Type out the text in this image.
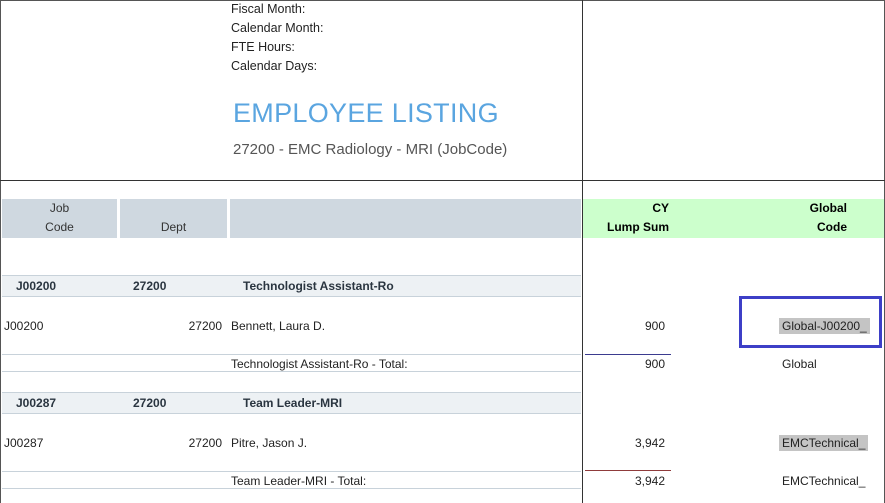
Fiscal Month:
Calendar Month:
FTE Hours:
Calendar Days:
EMPLOYEE LISTING
27200 - EMC Radiology - MRI (JobCode)
Job
Code
	Dept
CY
Lump Sum
Global
Code
J00200	27200	Technologist Assistant-Ro
J00200	27200 Bennett, Laura D.	900	Global-J00200_
Technologist Assistant-Ro - Total:	900	Global
J00287	27200	Team Leader-MRI
J00287	27200 Pitre, Jason J.	3,942	EMCTechnical_
Team Leader-MRI - Total:	3,942	EMCTechnical_
